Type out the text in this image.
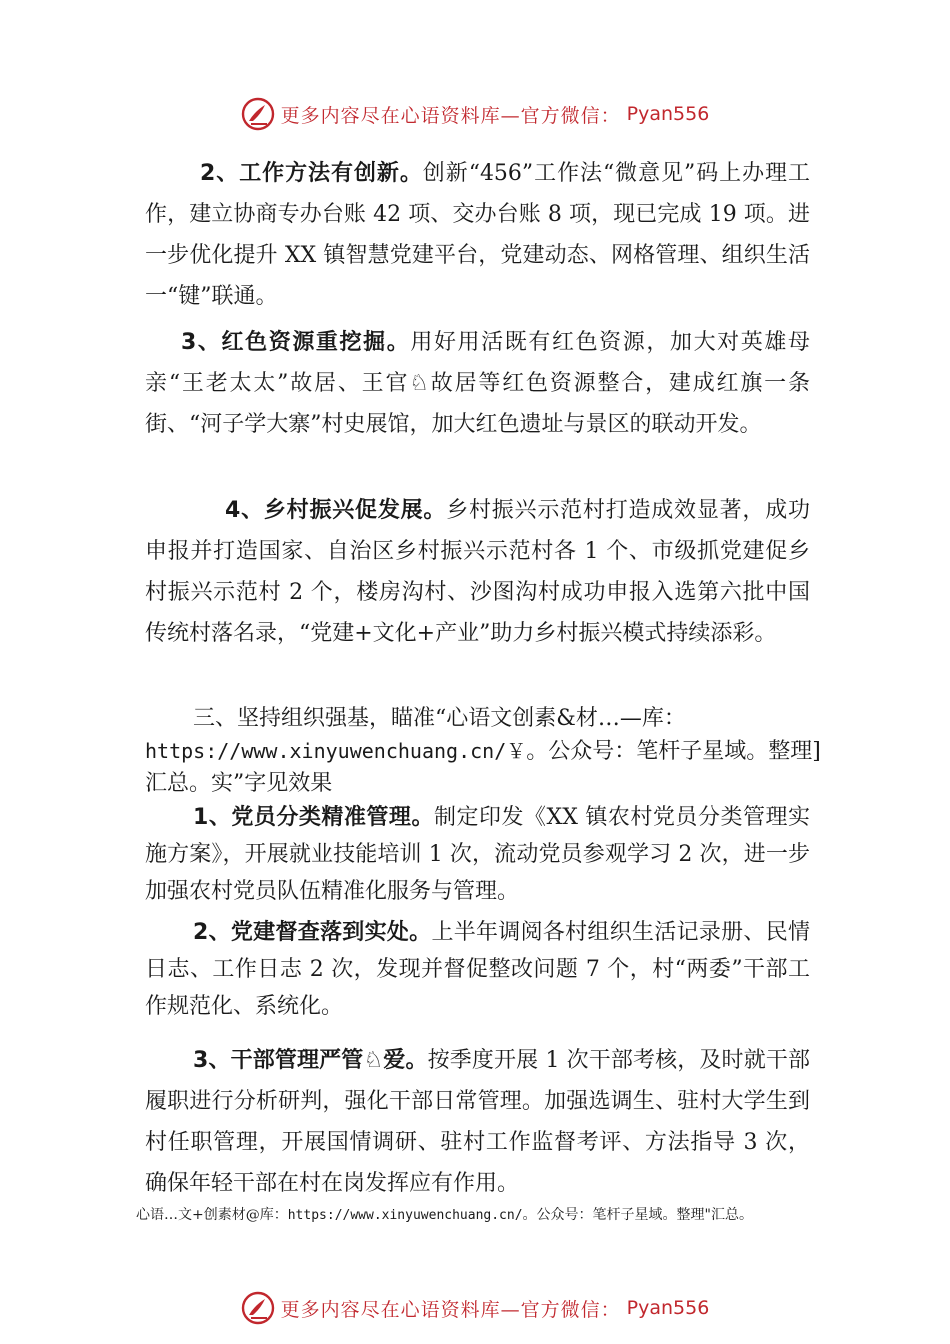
更多内容尽在心语资料库—官方微信： Pyan556

2、工作方法有创新。创新“456”工作法“微意见”码上办理工作，建立协商专办台账 42 项、交办台账 8 项，现已完成 19 项。进一步优化提升 XX 镇智慧党建平台，党建动态、网格管理、组织生活一“键”联通。

3、红色资源重挖掘。用好用活既有红色资源，加大对英雄母亲“王老太太”故居、王官♘故居等红色资源整合，建成红旗一条街、“河子学大寨”村史展馆，加大红色遗址与景区的联动开发。

4、乡村振兴促发展。乡村振兴示范村打造成效显著，成功申报并打造国家、自治区乡村振兴示范村各 1 个、市级抓党建促乡村振兴示范村 2 个，楼房沟村、沙图沟村成功申报入选第六批中国传统村落名录，“党建+文化+产业”助力乡村振兴模式持续添彩。

三、坚持组织强基，瞄准“心语文创素&材…—库：https://www.xinyuwenchuang.cn/￥。公众号：笔杆子星域。整理]汇总。实”字见效果

1、党员分类精准管理。制定印发《XX 镇农村党员分类管理实施方案》，开展就业技能培训 1 次，流动党员参观学习 2 次，进一步加强农村党员队伍精准化服务与管理。

2、党建督查落到实处。上半年调阅各村组织生活记录册、民情日志、工作日志 2 次，发现并督促整改问题 7 个，村“两委”干部工作规范化、系统化。

3、干部管理严管♘爱。按季度开展 1 次干部考核，及时就干部履职进行分析研判，强化干部日常管理。加强选调生、驻村大学生到村任职管理，开展国情调研、驻村工作监督考评、方法指导 3 次，确保年轻干部在村在岗发挥应有作用。

心语…文+创素材@库：https://www.xinyuwenchuang.cn/。公众号：笔杆子星域。整理"汇总。

更多内容尽在心语资料库—官方微信： Pyan556
